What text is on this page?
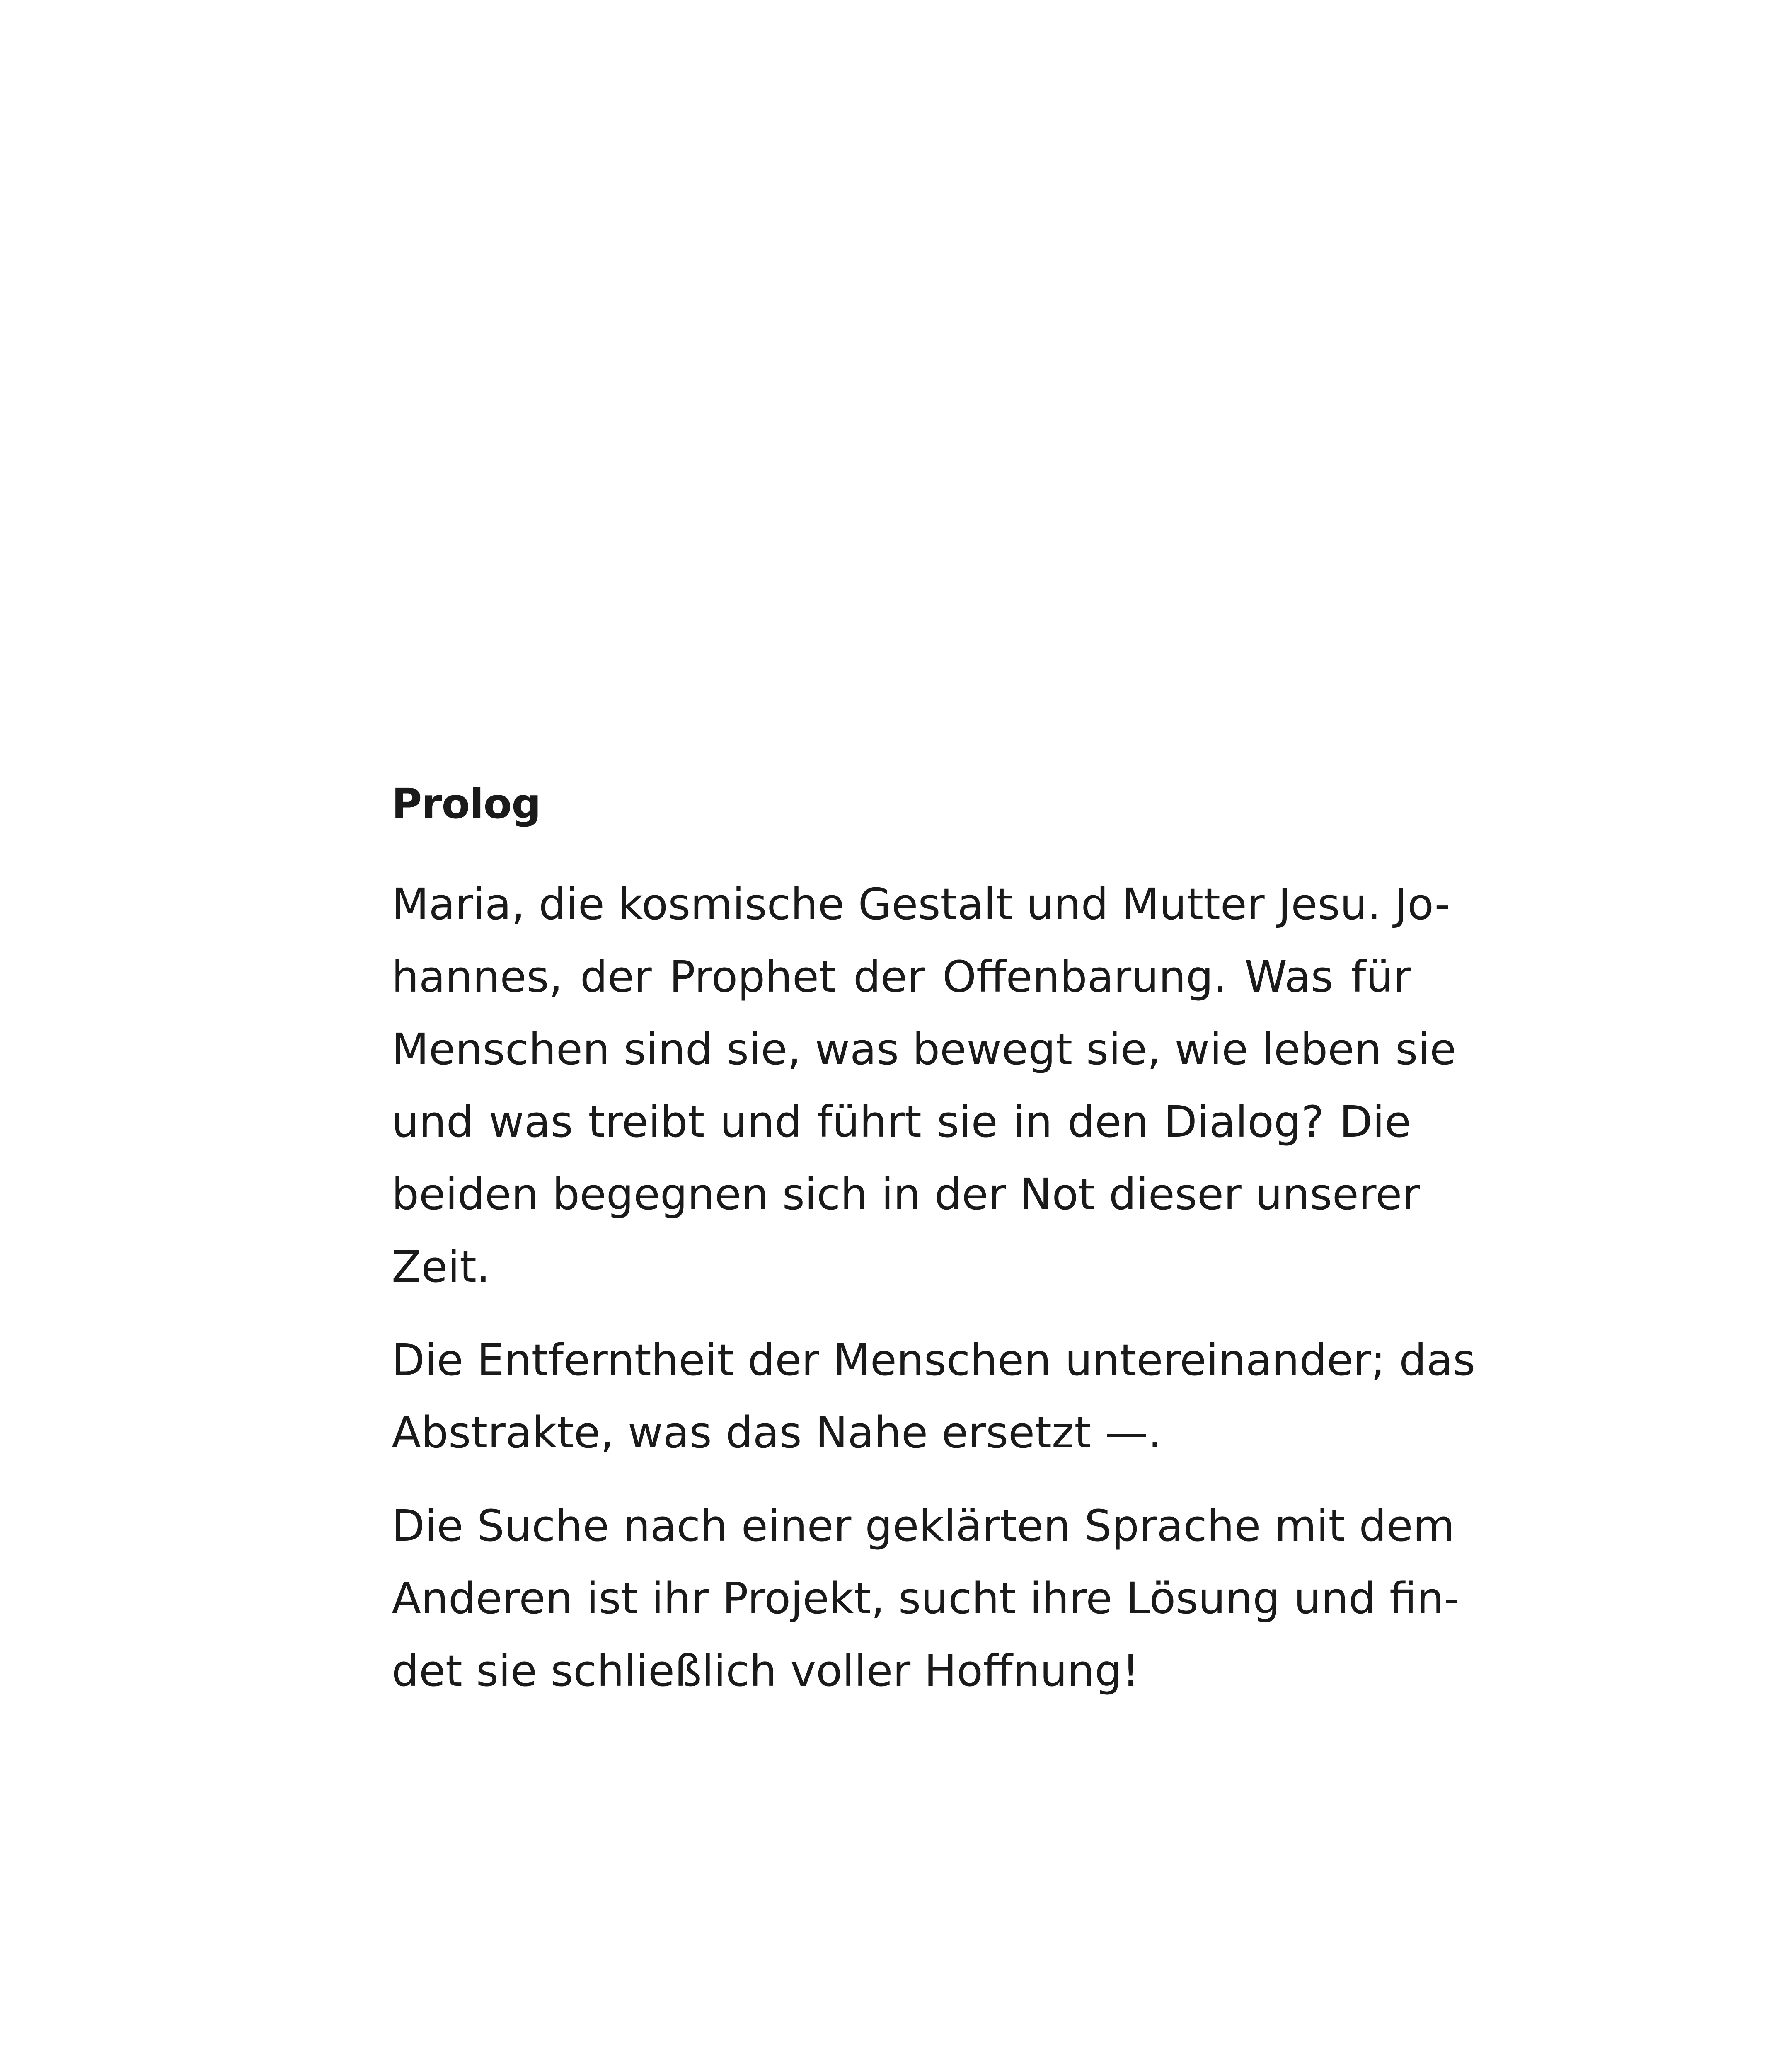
Prolog
Maria, die kosmische Gestalt und Mutter Jesu. Jo-
hannes, der Prophet der Offenbarung. Was für
Menschen sind sie, was bewegt sie, wie leben sie
und was treibt und führt sie in den Dialog? Die
beiden begegnen sich in der Not dieser unserer
Zeit.
Die Entferntheit der Menschen untereinander; das
Abstrakte, was das Nahe ersetzt —.
Die Suche nach einer geklärten Sprache mit dem
Anderen ist ihr Projekt, sucht ihre Lösung und fin-
det sie schließlich voller Hoffnung!
